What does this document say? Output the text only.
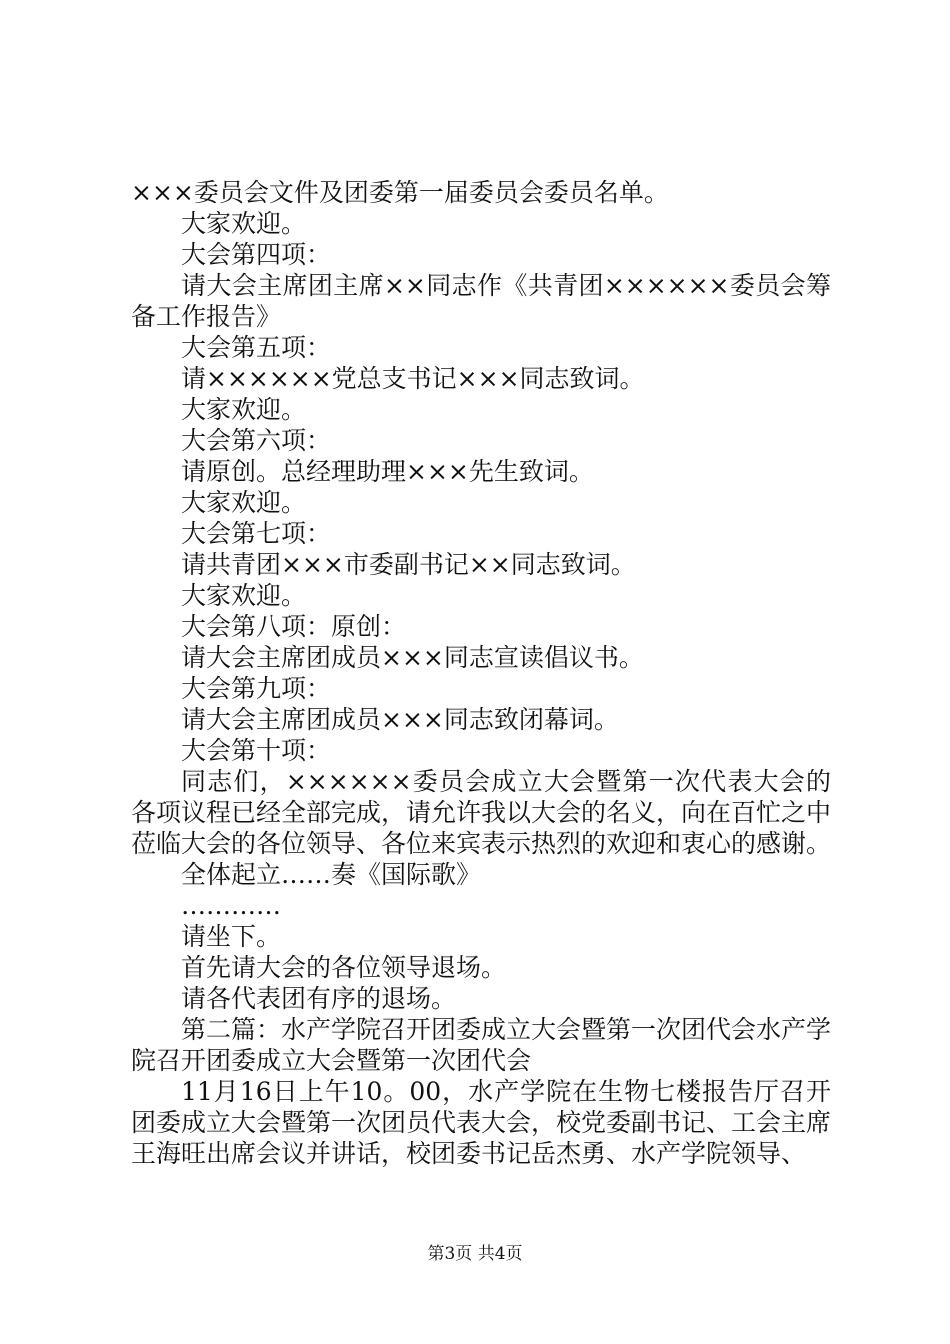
×××委员会文件及团委第一届委员会委员名单。
大家欢迎。
大会第四项：
请大会主席团主席××同志作《共青团××××××委员会筹备工作报告》
大会第五项：
请××××××党总支书记×××同志致词。
大家欢迎。
大会第六项：
请原创。总经理助理×××先生致词。
大家欢迎。
大会第七项：
请共青团×××市委副书记××同志致词。
大家欢迎。
大会第八项：原创：
请大会主席团成员×××同志宣读倡议书。
大会第九项：
请大会主席团成员×××同志致闭幕词。
大会第十项：
同志们，××××××委员会成立大会暨第一次代表大会的各项议程已经全部完成，请允许我以大会的名义，向在百忙之中莅临大会的各位领导、各位来宾表示热烈的欢迎和衷心的感谢。
全体起立……奏《国际歌》
…………
请坐下。
首先请大会的各位领导退场。
请各代表团有序的退场。
第二篇：水产学院召开团委成立大会暨第一次团代会水产学院召开团委成立大会暨第一次团代会
11月16日上午10。00，水产学院在生物七楼报告厅召开团委成立大会暨第一次团员代表大会，校党委副书记、工会主席王海旺出席会议并讲话，校团委书记岳杰勇、水产学院领导、
第3页 共4页
